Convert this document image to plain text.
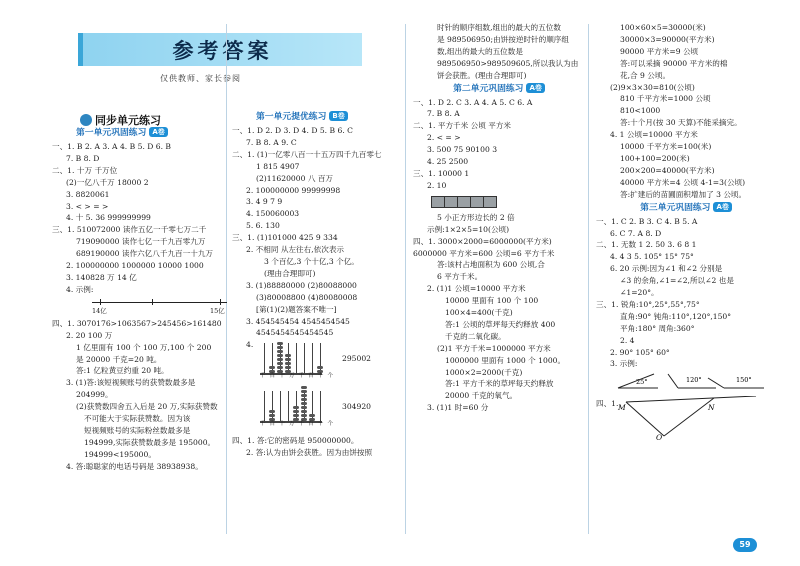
参考答案
仅供教师、家长参阅
同步单元练习
第一单元巩固练习 A卷

一、1. B 2. A 3. A 4. B 5. D 6. B

7. B 8. D

二、1. 十万 千万位

(2)一亿八千万 18000 2

3. 8820061

3. < > = >

4. 十 5. 36 999999999

三、1. 510072000 读作五亿一千零七万二千

719090000 读作七亿一千九百零九万

689190000 读作六亿八千九百一十九万

2. 100000000 1000000 10000 1000

3. 140828 万 14 亿

4. 示例:

14亿	15亿

四、1. 3070176>1063567>245456>161480

2. 20 100 万

1 亿里面有 100 个 100 万,100 个 200

是 20000 千克=20 吨。

答:1 亿粒黄豆约重 20 吨。

3. (1)答:该短视频账号的获赞数最多是

204999。

(2)获赞数四舍五入后是 20 万,实际获赞数

不可能大于实际获赞数。因为该

短视频账号的实际粉丝数最多是

194999,实际获赞数最多是 195000。

194999<195000。

4. 答:聪聪家的电话号码是 38938938。

第一单元提优练习 B卷

一、1. D 2. D 3. D 4. D 5. B 6. C

7. B 8. A 9. C

二、1. (1)一亿零八百一十五万四千九百零七

1 815 4907

(2)11620000 八 百万

2. 100000000 99999998

3. 4 9 7 9

4. 150060003

5. 6. 130

三、1. (1)101000 425 9 334

2. 不相同 从左往右,依次表示

3 个百亿,3 个十亿,3 个亿。

(理由合理即可)

3. (1)88880000 (2)80088000

(3)80008800 (4)80080008

[第(1)(2)题答案不唯一]

3. 454545454 4545454545

4545454545454545

4.
千 百 十 万 千 百 十 个
295002
千 百 十 万 千 百 十 个
304920

四、1. 答:它的密码是 950000000。

2. 答:认为由饼会获胜。因为由饼按照

时针的顺序组数,组出的最大的五位数

是 989506950;由饼按逆时针的顺序组

数,组出的最大的五位数是

989506950>989509605,所以我认为由

饼会获胜。(理由合理即可)

第二单元巩固练习 A卷

一、1. D 2. C 3. A 4. A 5. C 6. A

7. B 8. A

二、1. 平方千米 公顷 平方米

2. < = >

3. 500 75 90100 3

4. 25 2500

三、1. 10000 1

2. 10

5 小正方形边长的 2 倍

示例:1×2×5=10(公顷)

四、1. 3000×2000=6000000(平方米)

6000000 平方米=600 公顷=6 平方千米

答:该村占地面积为 600 公顷,合

6 平方千米。

2. (1)1 公顷=10000 平方米

10000 里面有 100 个 100

100×4=400(千克)

答:1 公顷的草坪每天约释放 400

千克的二氧化碳。

(2)1 平方千米=1000000 平方米

1000000 里面有 1000 个 1000。

1000×2=2000(千克)

答:1 平方千米的草坪每天约释放

20000 千克的氧气。

3. (1)1 时=60 分

100×60×5=30000(米)

30000×3=90000(平方米)

90000 平方米=9 公顷

答:可以采摘 90000 平方米的棉

花,合 9 公顷。

(2)9×3×30=810(公顷)

810 千平方米=1000 公顷

810<1000

答:十个月(按 30 天算)不能采摘完。

4. 1 公顷=10000 平方米

10000 千平方米=100(米)

100+100=200(米)

200×200=40000(平方米)

40000 平方米=4 公顷 4-1=3(公顷)

答:扩建后的苗圃面积增加了 3 公顷。

第三单元巩固练习 A卷

一、1. C 2. B 3. C 4. B 5. A

6. C 7. A 8. D

二、1. 无数 1 2. 50 3. 6 8 1

4. 4 3 5. 105° 15° 75°

6. 20 示例:因为∠1 和∠2 分别是

∠3 的余角,∠1=∠2,所以∠2 也是

∠1=20°。

三、1. 锐角:10°,25°,55°,75°

直角:90° 钝角:110°,120°,150°

平角:180° 周角:360°

2. 4

2. 90° 105° 60°

3. 示例:

25°	120°	150°
四、1. M	N
O
59
